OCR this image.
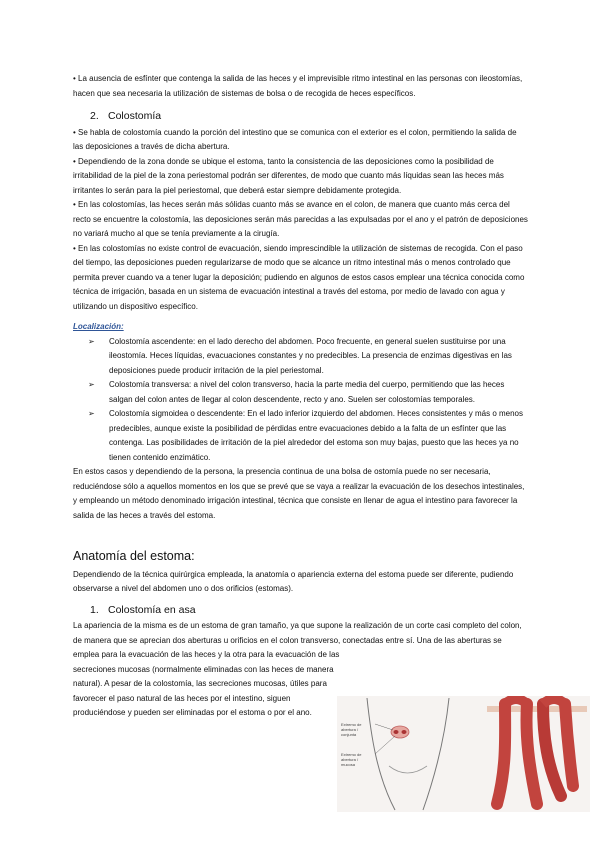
• La ausencia de esfínter que contenga la salida de las heces y el imprevisible ritmo intestinal en las personas con ileostomías, hacen que sea necesaria la utilización de sistemas de bolsa o de recogida de heces específicos.

2. Colostomía

• Se habla de colostomía cuando la porción del intestino que se comunica con el exterior es el colon, permitiendo la salida de las deposiciones a través de dicha abertura.

• Dependiendo de la zona donde se ubique el estoma, tanto la consistencia de las deposiciones como la posibilidad de irritabilidad de la piel de la zona periestomal podrán ser diferentes, de modo que cuanto más líquidas sean las heces más irritantes lo serán para la piel periestomal, que deberá estar siempre debidamente protegida.

• En las colostomías, las heces serán más sólidas cuanto más se avance en el colon, de manera que cuanto más cerca del recto se encuentre la colostomía, las deposiciones serán más parecidas a las expulsadas por el ano y el patrón de deposiciones no variará mucho al que se tenía previamente a la cirugía.

• En las colostomías no existe control de evacuación, siendo imprescindible la utilización de sistemas de recogida. Con el paso del tiempo, las deposiciones pueden regularizarse de modo que se alcance un ritmo intestinal más o menos controlado que permita prever cuando va a tener lugar la deposición; pudiendo en algunos de estos casos emplear una técnica conocida como técnica de irrigación, basada en un sistema de evacuación intestinal a través del estoma, por medio de lavado con agua y utilizando un dispositivo específico.

Localización:
➢ Colostomía ascendente: en el lado derecho del abdomen. Poco frecuente, en general suelen sustituirse por una ileostomía. Heces líquidas, evacuaciones constantes y no predecibles. La presencia de enzimas digestivas en las deposiciones puede producir irritación de la piel periestomal.
➢ Colostomía transversa: a nivel del colon transverso, hacia la parte media del cuerpo, permitiendo que las heces salgan del colon antes de llegar al colon descendente, recto y ano. Suelen ser colostomías temporales.
➢ Colostomía sigmoidea o descendente: En el lado inferior izquierdo del abdomen. Heces consistentes y más o menos predecibles, aunque existe la posibilidad de pérdidas entre evacuaciones debido a la falta de un esfínter que las contenga. Las posibilidades de irritación de la piel alrededor del estoma son muy bajas, puesto que las heces ya no tienen contenido enzimático.

En estos casos y dependiendo de la persona, la presencia continua de una bolsa de ostomía puede no ser necesaria, reduciéndose sólo a aquellos momentos en los que se prevé que se vaya a realizar la evacuación de los desechos intestinales, y empleando un método denominado irrigación intestinal, técnica que consiste en llenar de agua el intestino para favorecer la salida de las heces a través del estoma.

Anatomía del estoma:

Dependiendo de la técnica quirúrgica empleada, la anatomía o apariencia externa del estoma puede ser diferente, pudiendo observarse a nivel del abdomen uno o dos orificios (estomas).

1. Colostomía en asa

La apariencia de la misma es de un estoma de gran tamaño, ya que supone la realización de un corte casi completo del colon, de manera que se aprecian dos aberturas u orificios en el colon transverso, conectadas entre sí. Una de las aberturas se emplea para la evacuación de las heces y la otra para la evacuación de las

secreciones mucosas (normalmente eliminadas con las heces de manera natural). A pesar de la colostomía, las secreciones mucosas, útiles para favorecer el paso natural de las heces por el intestino, siguen produciéndose y pueden ser eliminadas por el estoma o por el ano.

Extremo de abertura / conjunta
Extremo de abertura / mucosa
